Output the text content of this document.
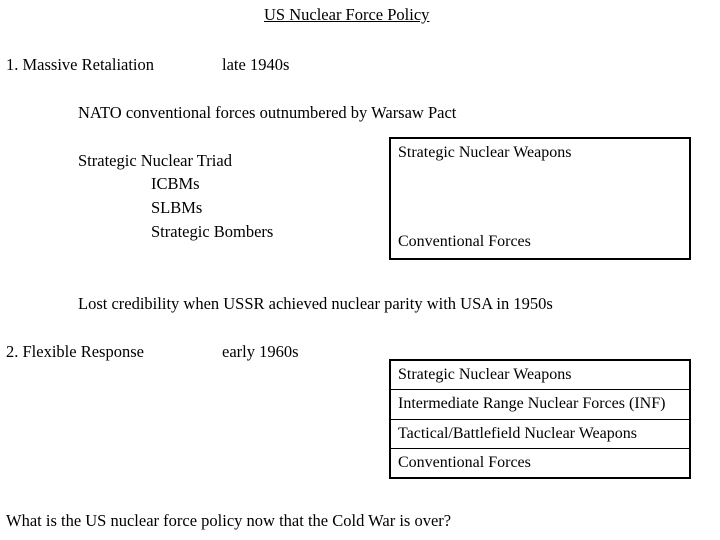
US Nuclear Force Policy
1. Massive Retaliation	late 1940s
NATO conventional forces outnumbered by Warsaw Pact
Strategic Nuclear Triad
ICBMs
SLBMs
Strategic Bombers
Strategic Nuclear Weapons
Conventional Forces
Lost credibility when USSR achieved nuclear parity with USA in 1950s
2. Flexible Response	early 1960s
Strategic Nuclear Weapons
Intermediate Range Nuclear Forces (INF)
Tactical/Battlefield Nuclear Weapons
Conventional Forces
What is the US nuclear force policy now that the Cold War is over?
